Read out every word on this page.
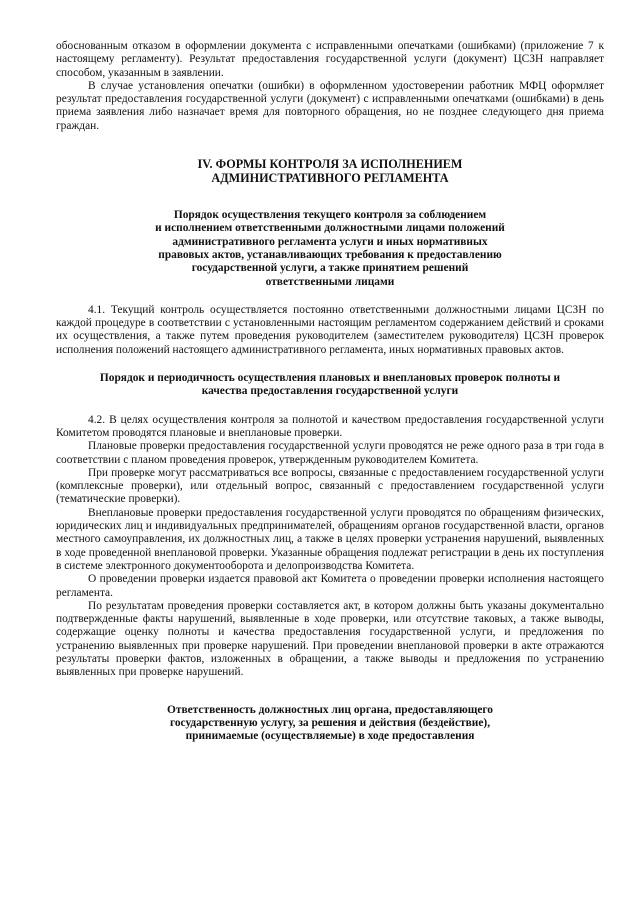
обоснованным отказом в оформлении документа с исправленными опечатками (ошибками) (приложение 7 к настоящему регламенту). Результат предоставления государственной услуги (документ) ЦСЗН направляет способом, указанным в заявлении.

В случае установления опечатки (ошибки) в оформленном удостоверении работник МФЦ оформляет результат предоставления государственной услуги (документ) с исправленными опечатками (ошибками) в день приема заявления либо назначает время для повторного обращения, но не позднее следующего дня приема граждан.

IV. ФОРМЫ КОНТРОЛЯ ЗА ИСПОЛНЕНИЕМ
АДМИНИСТРАТИВНОГО РЕГЛАМЕНТА
Порядок осуществления текущего контроля за соблюдением
и исполнением ответственными должностными лицами положений
административного регламента услуги и иных нормативных
правовых актов, устанавливающих требования к предоставлению
государственной услуги, а также принятием решений
ответственными лицами

4.1. Текущий контроль осуществляется постоянно ответственными должностными лицами ЦСЗН по каждой процедуре в соответствии с установленными настоящим регламентом содержанием действий и сроками их осуществления, а также путем проведения руководителем (заместителем руководителя) ЦСЗН проверок исполнения положений настоящего административного регламента, иных нормативных правовых актов.

Порядок и периодичность осуществления плановых и внеплановых проверок полноты и
качества предоставления государственной услуги

4.2. В целях осуществления контроля за полнотой и качеством предоставления государственной услуги Комитетом проводятся плановые и внеплановые проверки.

Плановые проверки предоставления государственной услуги проводятся не реже одного раза в три года в соответствии с планом проведения проверок, утвержденным руководителем Комитета.

При проверке могут рассматриваться все вопросы, связанные с предоставлением государственной услуги (комплексные проверки), или отдельный вопрос, связанный с предоставлением государственной услуги (тематические проверки).

Внеплановые проверки предоставления государственной услуги проводятся по обращениям физических, юридических лиц и индивидуальных предпринимателей, обращениям органов государственной власти, органов местного самоуправления, их должностных лиц, а также в целях проверки устранения нарушений, выявленных в ходе проведенной внеплановой проверки. Указанные обращения подлежат регистрации в день их поступления в системе электронного документооборота и делопроизводства Комитета.

О проведении проверки издается правовой акт Комитета о проведении проверки исполнения настоящего регламента.

По результатам проведения проверки составляется акт, в котором должны быть указаны документально подтвержденные факты нарушений, выявленные в ходе проверки, или отсутствие таковых, а также выводы, содержащие оценку полноты и качества предоставления государственной услуги, и предложения по устранению выявленных при проверке нарушений. При проведении внеплановой проверки в акте отражаются результаты проверки фактов, изложенных в обращении, а также выводы и предложения по устранению выявленных при проверке нарушений.

Ответственность должностных лиц органа, предоставляющего
государственную услугу, за решения и действия (бездействие),
принимаемые (осуществляемые) в ходе предоставления
